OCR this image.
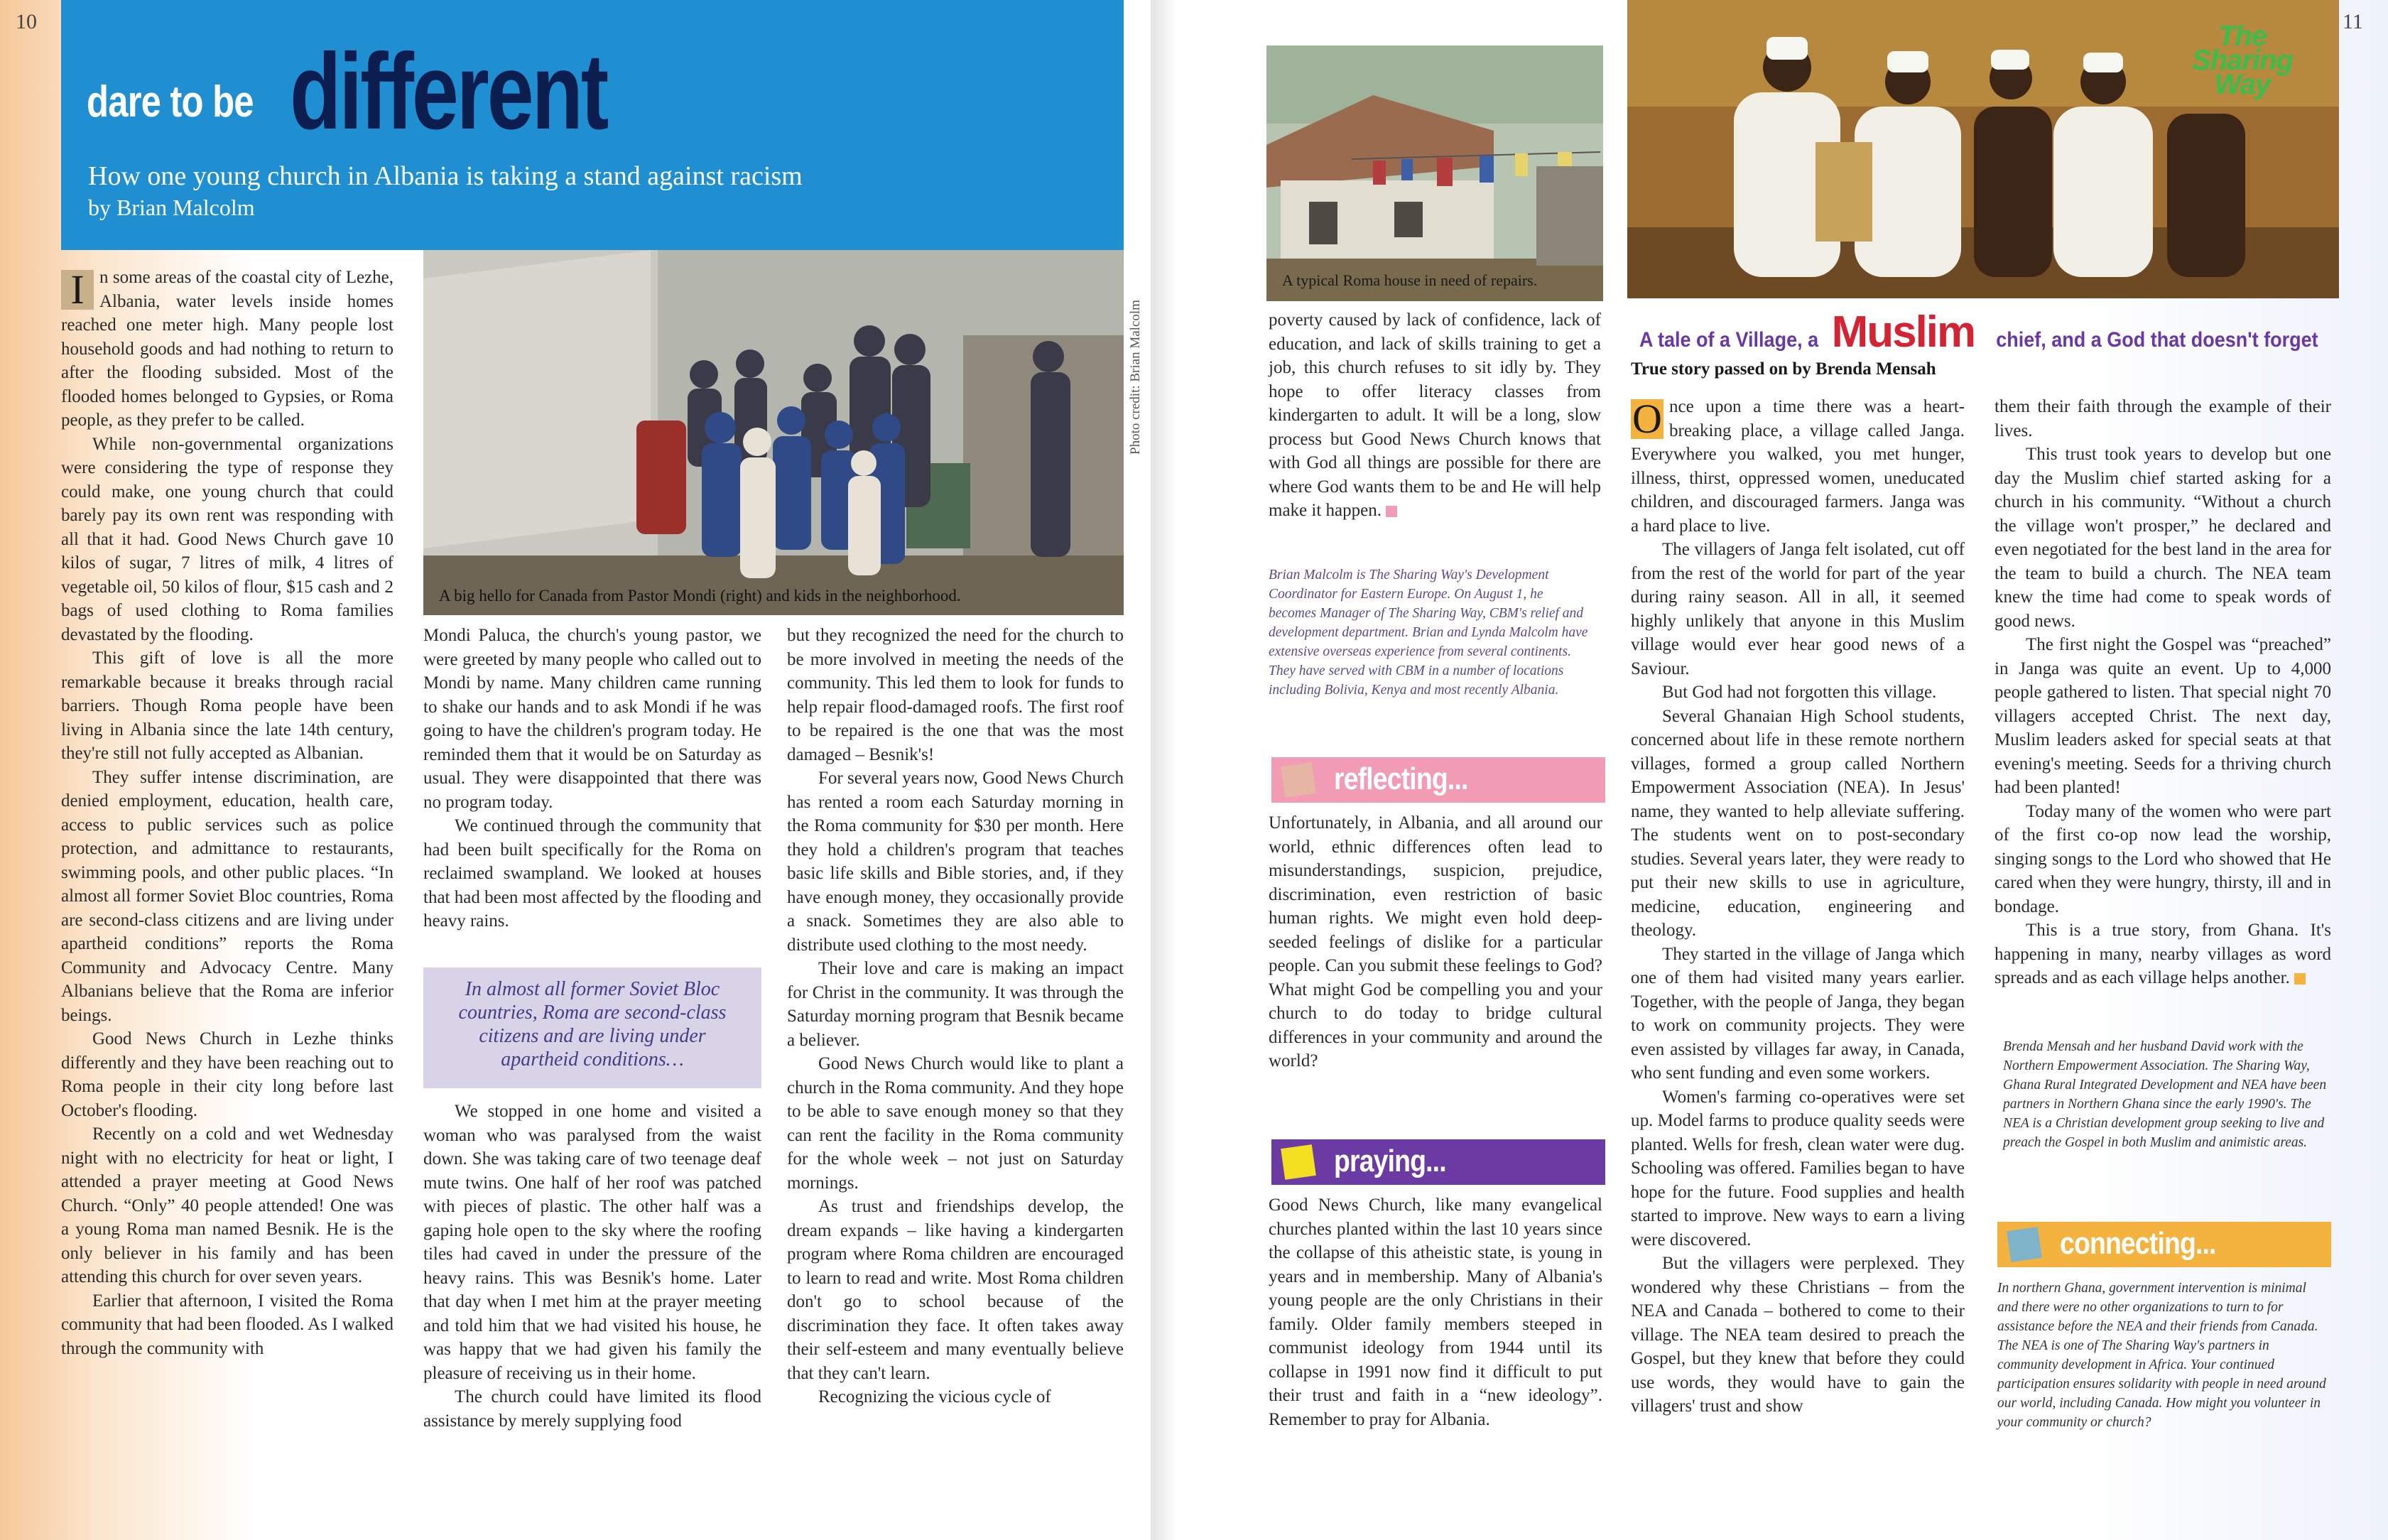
10
dare to be different
How one young church in Albania is taking a stand against racism
by Brian Malcolm

I n some areas of the coastal city of Lezhe, Albania, water levels inside homes reached one meter high. Many people lost household goods and had nothing to return to after the flooding subsided. Most of the flooded homes belonged to Gypsies, or Roma people, as they prefer to be called.

While non-governmental organizations were considering the type of response they could make, one young church that could barely pay its own rent was responding with all that it had. Good News Church gave 10 kilos of sugar, 7 litres of milk, 4 litres of vegetable oil, 50 kilos of flour, $15 cash and 2 bags of used clothing to Roma families devastated by the flooding.

This gift of love is all the more remarkable because it breaks through racial barriers. Though Roma people have been living in Albania since the late 14th century, they're still not fully accepted as Albanian.

They suffer intense discrimination, are denied employment, education, health care, access to public services such as police protection, and admittance to restaurants, swimming pools, and other public places. “In almost all former Soviet Bloc countries, Roma are second-class citizens and are living under apartheid conditions” reports the Roma Community and Advocacy Centre. Many Albanians believe that the Roma are inferior beings.

Good News Church in Lezhe thinks differently and they have been reaching out to Roma people in their city long before last October's flooding.

Recently on a cold and wet Wednesday night with no electricity for heat or light, I attended a prayer meeting at Good News Church. “Only” 40 people attended! One was a young Roma man named Besnik. He is the only believer in his family and has been attending this church for over seven years.

Earlier that afternoon, I visited the Roma community that had been flooded. As I walked through the community with

A big hello for Canada from Pastor Mondi (right) and kids in the neighborhood.
Photo credit: Brian Malcolm

Mondi Paluca, the church's young pastor, we were greeted by many people who called out to Mondi by name. Many children came running to shake our hands and to ask Mondi if he was going to have the children's program today. He reminded them that it would be on Saturday as usual. They were disappointed that there was no program today.

We continued through the community that had been built specifically for the Roma on reclaimed swampland. We looked at houses that had been most affected by the flooding and heavy rains.

In almost all former Soviet Bloc countries, Roma are second-class citizens and are living under apartheid conditions…

We stopped in one home and visited a woman who was paralysed from the waist down. She was taking care of two teenage deaf mute twins. One half of her roof was patched with pieces of plastic. The other half was a gaping hole open to the sky where the roofing tiles had caved in under the pressure of the heavy rains. This was Besnik's home. Later that day when I met him at the prayer meeting and told him that we had visited his house, he was happy that we had given his family the pleasure of receiving us in their home.

The church could have limited its flood assistance by merely supplying food

but they recognized the need for the church to be more involved in meeting the needs of the community. This led them to look for funds to help repair flood-damaged roofs. The first roof to be repaired is the one that was the most damaged – Besnik's!

For several years now, Good News Church has rented a room each Saturday morning in the Roma community for $30 per month. Here they hold a children's program that teaches basic life skills and Bible stories, and, if they have enough money, they occasionally provide a snack. Sometimes they are also able to distribute used clothing to the most needy.

Their love and care is making an impact for Christ in the community. It was through the Saturday morning program that Besnik became a believer.

Good News Church would like to plant a church in the Roma community. And they hope to be able to save enough money so that they can rent the facility in the Roma community for the whole week – not just on Saturday mornings.

As trust and friendships develop, the dream expands – like having a kindergarten program where Roma children are encouraged to learn to read and write. Most Roma children don't go to school because of the discrimination they face. It often takes away their self-esteem and many eventually believe that they can't learn.

Recognizing the vicious cycle of

11
A typical Roma house in need of repairs.
The
Sharing
Way

poverty caused by lack of confidence, lack of education, and lack of skills training to get a job, this church refuses to sit idly by. They hope to offer literacy classes from kindergarten to adult. It will be a long, slow process but Good News Church knows that with God all things are possible for there are where God wants them to be and He will help make it happen.

Brian Malcolm is The Sharing Way's Development Coordinator for Eastern Europe. On August 1, he becomes Manager of The Sharing Way, CBM's relief and development department. Brian and Lynda Malcolm have extensive overseas experience from several continents. They have served with CBM in a number of locations including Bolivia, Kenya and most recently Albania.
reflecting...

Unfortunately, in Albania, and all around our world, ethnic differences often lead to misunderstandings, suspicion, prejudice, discrimination, even restriction of basic human rights. We might even hold deep-seeded feelings of dislike for a particular people. Can you submit these feelings to God? What might God be compelling you and your church to do today to bridge cultural differences in your community and around the world?

praying...

Good News Church, like many evangelical churches planted within the last 10 years since the collapse of this atheistic state, is young in years and in membership. Many of Albania's young people are the only Christians in their family. Older family members steeped in communist ideology from 1944 until its collapse in 1991 now find it difficult to put their trust and faith in a “new ideology”. Remember to pray for Albania.

A tale of a Village, a Muslim chief, and a God that doesn't forget
True story passed on by Brenda Mensah

O nce upon a time there was a heart-breaking place, a village called Janga. Everywhere you walked, you met hunger, illness, thirst, oppressed women, uneducated children, and discouraged farmers. Janga was a hard place to live.

The villagers of Janga felt isolated, cut off from the rest of the world for part of the year during rainy season. All in all, it seemed highly unlikely that anyone in this Muslim village would ever hear good news of a Saviour.

But God had not forgotten this village.

Several Ghanaian High School students, concerned about life in these remote northern villages, formed a group called Northern Empowerment Association (NEA). In Jesus' name, they wanted to help alleviate suffering. The students went on to post-secondary studies. Several years later, they were ready to put their new skills to use in agriculture, medicine, education, engineering and theology.

They started in the village of Janga which one of them had visited many years earlier. Together, with the people of Janga, they began to work on community projects. They were even assisted by villages far away, in Canada, who sent funding and even some workers.

Women's farming co-operatives were set up. Model farms to produce quality seeds were planted. Wells for fresh, clean water were dug. Schooling was offered. Families began to have hope for the future. Food supplies and health started to improve. New ways to earn a living were discovered.

But the villagers were perplexed. They wondered why these Christians – from the NEA and Canada – bothered to come to their village. The NEA team desired to preach the Gospel, but they knew that before they could use words, they would have to gain the villagers' trust and show

them their faith through the example of their lives.

This trust took years to develop but one day the Muslim chief started asking for a church in his community. “Without a church the village won't prosper,” he declared and even negotiated for the best land in the area for the team to build a church. The NEA team knew the time had come to speak words of good news.

The first night the Gospel was “preached” in Janga was quite an event. Up to 4,000 people gathered to listen. That special night 70 villagers accepted Christ. The next day, Muslim leaders asked for special seats at that evening's meeting. Seeds for a thriving church had been planted!

Today many of the women who were part of the first co-op now lead the worship, singing songs to the Lord who showed that He cared when they were hungry, thirsty, ill and in bondage.

This is a true story, from Ghana. It's happening in many, nearby villages as word spreads and as each village helps another.

Brenda Mensah and her husband David work with the Northern Empowerment Association. The Sharing Way, Ghana Rural Integrated Development and NEA have been partners in Northern Ghana since the early 1990's. The NEA is a Christian development group seeking to live and preach the Gospel in both Muslim and animistic areas.
connecting...
In northern Ghana, government intervention is minimal and there were no other organizations to turn to for assistance before the NEA and their friends from Canada. The NEA is one of The Sharing Way's partners in community development in Africa. Your continued participation ensures solidarity with people in need around our world, including Canada. How might you volunteer in your community or church?
